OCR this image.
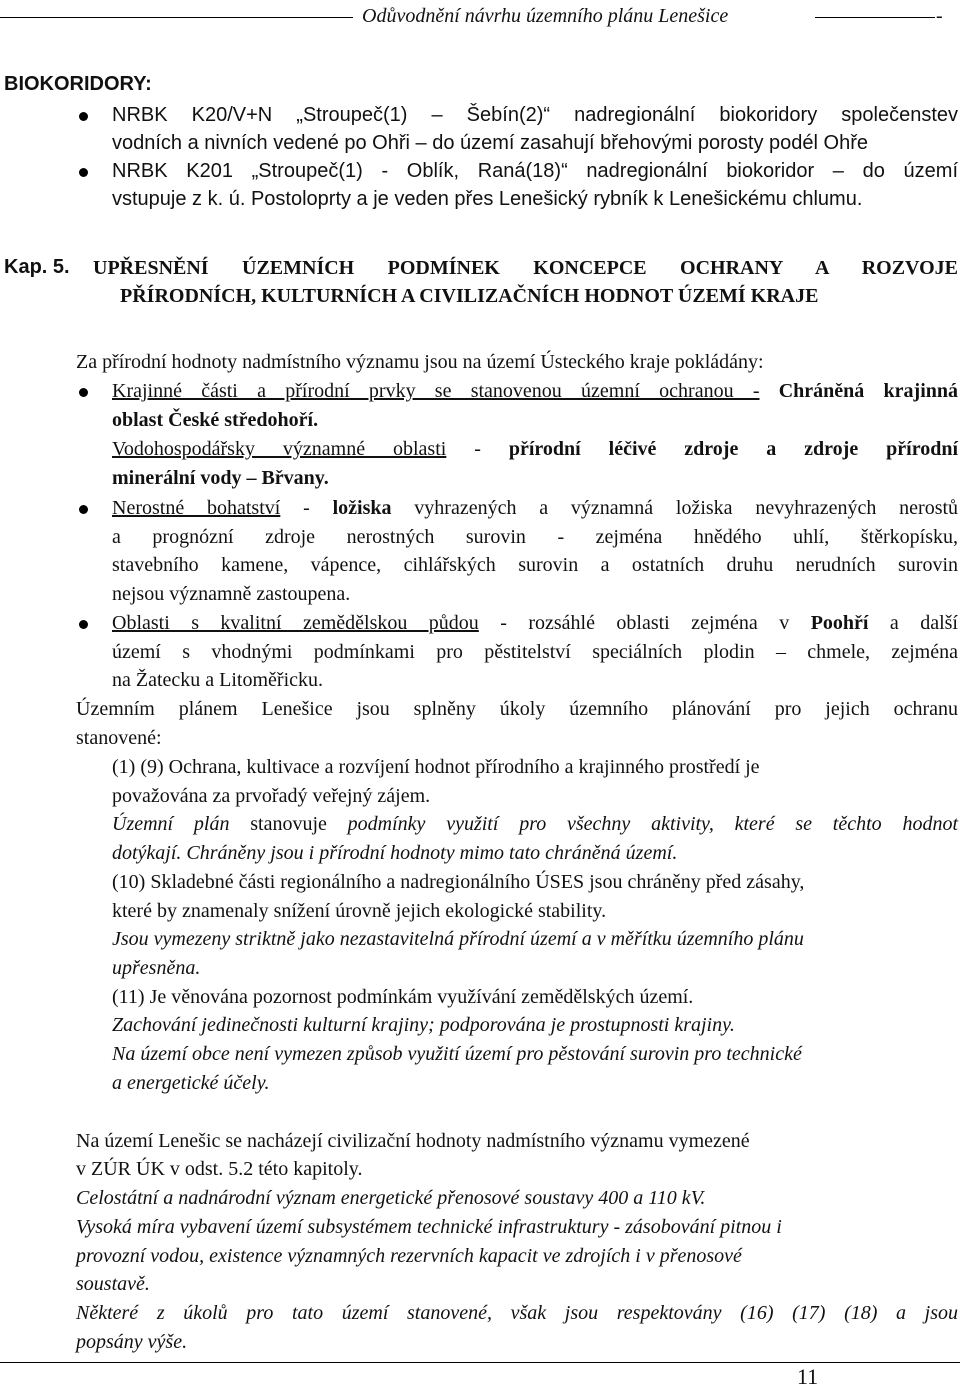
Odůvodnění návrhu územního plánu Lenešice	-
BIOKORIDORY:
NRBK K20/V+N „Stroupeč(1) – Šebín(2)“ nadregionální biokoridory společenstev
vodních a nivních vedené po Ohři – do území zasahují břehovými porosty podél Ohře
NRBK K201 „Stroupeč(1) - Oblík, Raná(18)“ nadregionální biokoridor – do území
vstupuje z k. ú. Postoloprty a je veden přes Lenešický rybník k Lenešickému chlumu.
Kap. 5. UPŘESNĚNÍ ÚZEMNÍCH PODMÍNEK KONCEPCE OCHRANY A ROZVOJE
PŘÍRODNÍCH, KULTURNÍCH A CIVILIZAČNÍCH HODNOT ÚZEMÍ KRAJE
Za přírodní hodnoty nadmístního významu jsou na území Ústeckého kraje pokládány:
Krajinné části a přírodní prvky se stanovenou územní ochranou - Chráněná krajinná
oblast České středohoří.
Vodohospodářsky významné oblasti - přírodní léčivé zdroje a zdroje přírodní
minerální vody – Břvany.
Nerostné bohatství - ložiska vyhrazených a významná ložiska nevyhrazených nerostů
a prognózní zdroje nerostných surovin - zejména hnědého uhlí, štěrkopísku,
stavebního kamene, vápence, cihlářských surovin a ostatních druhu nerudních surovin
nejsou významně zastoupena.
Oblasti s kvalitní zemědělskou půdou - rozsáhlé oblasti zejména v Poohří a další
území s vhodnými podmínkami pro pěstitelství speciálních plodin – chmele, zejména
na Žatecku a Litoměřicku.
Územním plánem Lenešice jsou splněny úkoly územního plánování pro jejich ochranu
stanovené:
(1) (9) Ochrana, kultivace a rozvíjení hodnot přírodního a krajinného prostředí je
považována za prvořadý veřejný zájem.
Územní plán stanovuje podmínky využití pro všechny aktivity, které se těchto hodnot
dotýkají. Chráněny jsou i přírodní hodnoty mimo tato chráněná území.
(10) Skladebné části regionálního a nadregionálního ÚSES jsou chráněny před zásahy,
které by znamenaly snížení úrovně jejich ekologické stability.
Jsou vymezeny striktně jako nezastavitelná přírodní území a v měřítku územního plánu
upřesněna.
(11) Je věnována pozornost podmínkám využívání zemědělských území.
Zachování jedinečnosti kulturní krajiny; podporována je prostupnosti krajiny.
Na území obce není vymezen způsob využití území pro pěstování surovin pro technické
a energetické účely.
Na území Lenešic se nacházejí civilizační hodnoty nadmístního významu vymezené
v ZÚR ÚK v odst. 5.2 této kapitoly.
Celostátní a nadnárodní význam energetické přenosové soustavy 400 a 110 kV.
Vysoká míra vybavení území subsystémem technické infrastruktury - zásobování pitnou i
provozní vodou, existence významných rezervních kapacit ve zdrojích i v přenosové
soustavě.
Některé z úkolů pro tato území stanovené, však jsou respektovány (16) (17) (18) a jsou
popsány výše.
11
